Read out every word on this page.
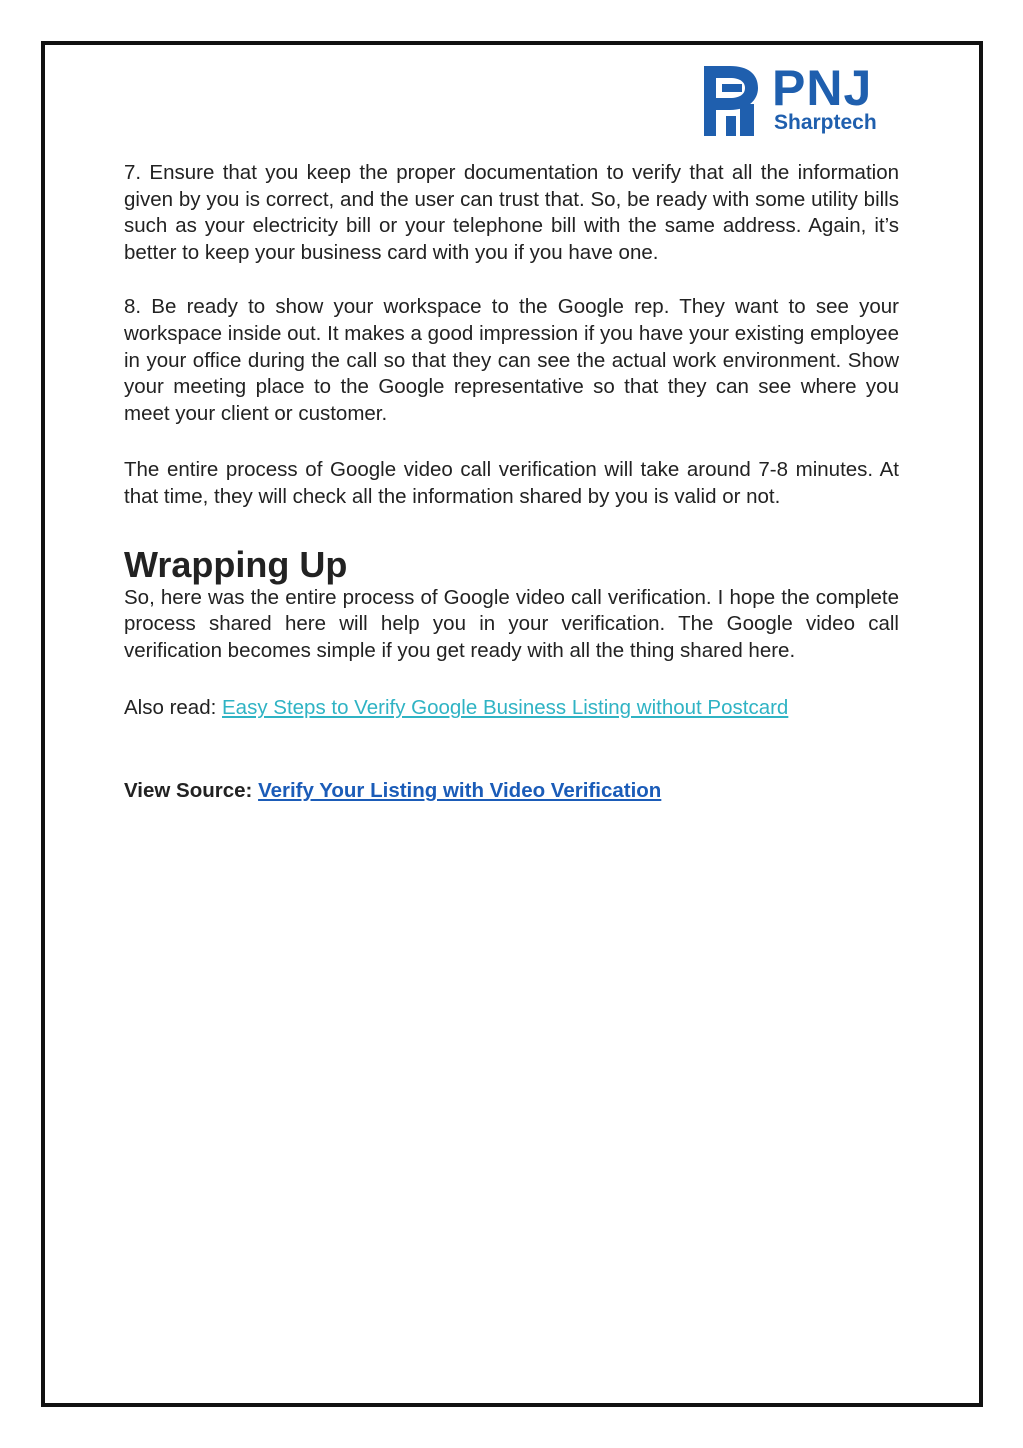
PNJ
Sharptech

7. Ensure that you keep the proper documentation to verify that all the information given by you is correct, and the user can trust that. So, be ready with some utility bills such as your electricity bill or your telephone bill with the same address. Again, it’s better to keep your business card with you if you have one.

8. Be ready to show your workspace to the Google rep. They want to see your workspace inside out. It makes a good impression if you have your existing employee in your office during the call so that they can see the actual work environment. Show your meeting place to the Google representative so that they can see where you meet your client or customer.

The entire process of Google video call verification will take around 7-8 minutes. At that time, they will check all the information shared by you is valid or not.

Wrapping Up

So, here was the entire process of Google video call verification. I hope the complete process shared here will help you in your verification. The Google video call verification becomes simple if you get ready with all the thing shared here.

Also read: Easy Steps to Verify Google Business Listing without Postcard
View Source: Verify Your Listing with Video Verification
